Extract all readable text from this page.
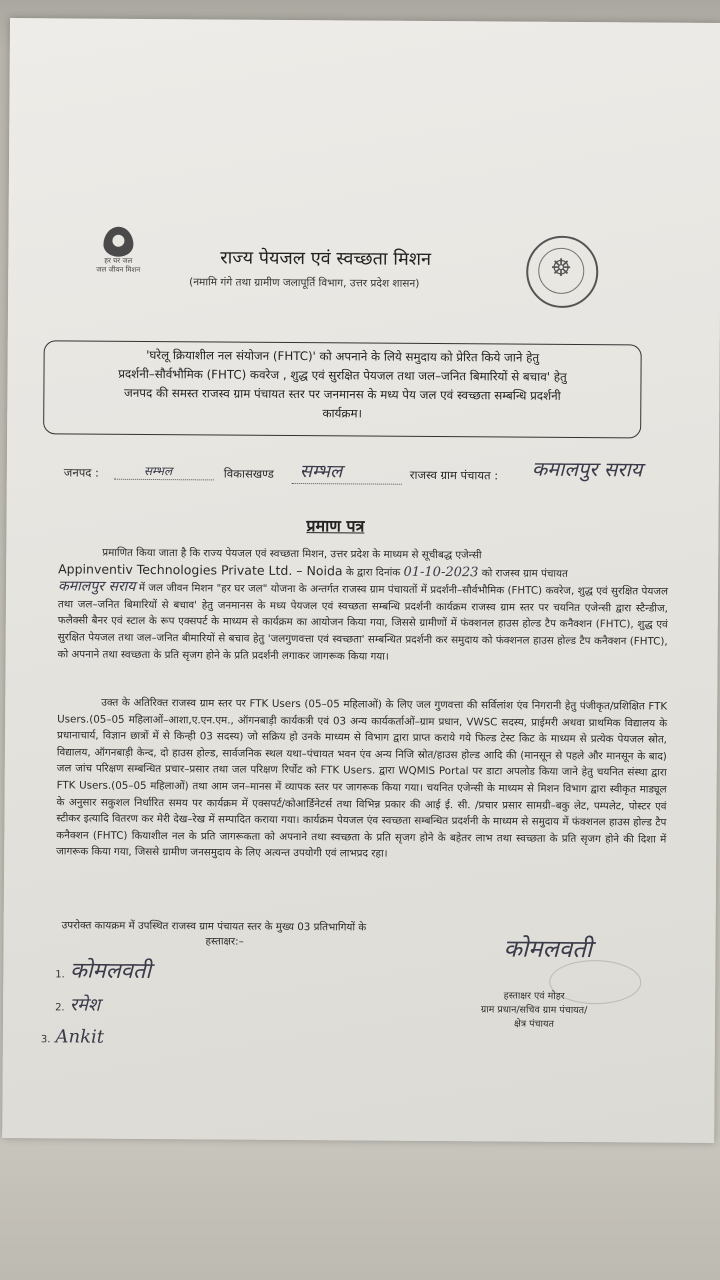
हर घर जल
जल जीवन मिशन	राज्य पेयजल एवं स्वच्छता मिशन
(नमामि गंगे तथा ग्रामीण जलापूर्ति विभाग, उत्तर प्रदेश शासन)
☸
'घरेलू क्रियाशील नल संयोजन (FHTC)' को अपनाने के लिये समुदाय को प्रेरित किये जाने हेतु
प्रदर्शनी–सौर्वभौमिक (FHTC) कवरेज , शुद्ध एवं सुरक्षित पेयजल तथा जल–जनित बिमारियों से बचाव' हेतु
जनपद की समस्त राजस्व ग्राम पंचायत स्तर पर जनमानस के मध्य पेय जल एवं स्वच्छता सम्बन्धि प्रदर्शनी
कार्यक्रम।
जनपद :	सम्भल	विकासखण्ड	सम्भल	राजस्व ग्राम पंचायत : कमालपुर सराय
प्रमाण पत्र
प्रमाणित किया जाता है कि राज्य पेयजल एवं स्वच्छता मिशन, उत्तर प्रदेश के माध्यम से सूचीबद्ध एजेन्सी
Appinventiv Technologies Private Ltd. – Noida के द्वारा दिनांक 01-10-2023 को राजस्व ग्राम पंचायत
कमालपुर सराय में जल जीवन मिशन "हर घर जल" योजना के अन्तर्गत राजस्व ग्राम पंचायतों में प्रदर्शनी–सौर्वभौमिक (FHTC) कवरेज, शुद्ध एवं सुरक्षित पेयजल तथा जल–जनित बिमारियों से बचाव' हेतु जनमानस के मध्य पेयजल एवं स्वच्छता सम्बन्धि प्रदर्शनी कार्यक्रम राजस्व ग्राम स्तर पर चयनित एजेन्सी द्वारा स्टैन्डीज, फलैक्सी बैनर एवं स्टाल के रूप एक्सपर्ट के माध्यम से कार्यक्रम का आयोजन किया गया, जिससे ग्रामीणों में फंक्शनल हाउस होल्ड टैप कनैक्शन (FHTC), शुद्ध एवं सुरक्षित पेयजल तथा जल–जनित बीमारियों से बचाव हेतु 'जलगुणवत्ता एवं स्वच्छता' सम्बन्धित प्रदर्शनी कर समुदाय को फंक्शनल हाउस होल्ड टैप कनैक्शन (FHTC), को अपनाने तथा स्वच्छता के प्रति सृजग होने के प्रति प्रदर्शनी लगाकर जागरूक किया गया।
उक्त के अतिरिक्त राजस्व ग्राम स्तर पर FTK Users (05–05 महिलाओं) के लिए जल गुणवत्ता की सर्विलांश एंव निगरानी हेतु पंजीकृत/प्रशिक्षित FTK Users.(05–05 महिलाओं–आशा,ए.एन.एम., ऑगनबाड़ी कार्यकत्री एवं 03 अन्य कार्यकर्ताओं–ग्राम प्रधान, VWSC सदस्य, प्राईमरी अथवा प्राथमिक विद्यालय के प्रधानाचार्य, विज्ञान छात्रों में से किन्ही 03 सदस्य) जो सक्रिय हो उनके माध्यम से विभाग द्वारा प्राप्त कराये गये फिल्ड टेस्ट किट के माध्यम से प्रत्येक पेयजल स्रोत, विद्यालय, ऑगनबाड़ी केन्द, दो हाउस होल्ड, सार्वजनिक स्थल यथा–पंचायत भवन एंव अन्य निजि स्रोत/हाउस होल्ड आदि की (मानसून से पहले और मानसून के बाद) जल जांच परिक्षण सम्बन्धित प्रचार–प्रसार तथा जल परिक्षण रिर्पोट को FTK Users. द्वारा WQMIS Portal पर डाटा अपलोड किया जाने हेतु चयनित संस्था द्वारा FTK Users.(05–05 महिलाओं) तथा आम जन–मानस में व्यापक स्तर पर जागरूक किया गया। चयनित एजेन्सी के माध्यम से मिशन विभाग द्वारा स्वीकृत माड्यूल के अनुसार सकुशल निर्धारित समय पर कार्यक्रम में एक्सपर्ट/कोआर्डिनेटर्स तथा विभिन्न प्रकार की आई ई. सी. /प्रचार प्रसार सामग्री–बकु लेट, पम्पलेट, पोस्टर एवं स्टीकर इत्यादि वितरण कर मेरी देख–रेख में सम्पादित कराया गया। कार्यक्रम पेयजल एंव स्वच्छता सम्बन्धित प्रदर्शनी के माध्यम से समुदाय में फंक्शनल हाउस होल्ड टैप कनैक्शन (FHTC) कियाशील नल के प्रति जागरूकता को अपनाने तथा स्वच्छता के प्रति सृजग होने के बहेतर लाभ तथा स्वच्छता के प्रति सृजग होने की दिशा में जागरूक किया गया, जिससे ग्रामीण जनसमुदाय के लिए अत्यन्त उपयोगी एवं लाभप्रद रहा।
उपरोक्त कायक्रम में उपस्थित राजस्व ग्राम पंचायत स्तर के मुख्य 03 प्रतिभागियों के
हस्ताक्षर:–
1. कोमलवती
2. रमेश
3. Ankit
कोमलवती
हस्ताक्षर एवं मोहर
ग्राम प्रधान/सचिव ग्राम पंचायत/
क्षेत्र पंचायत
